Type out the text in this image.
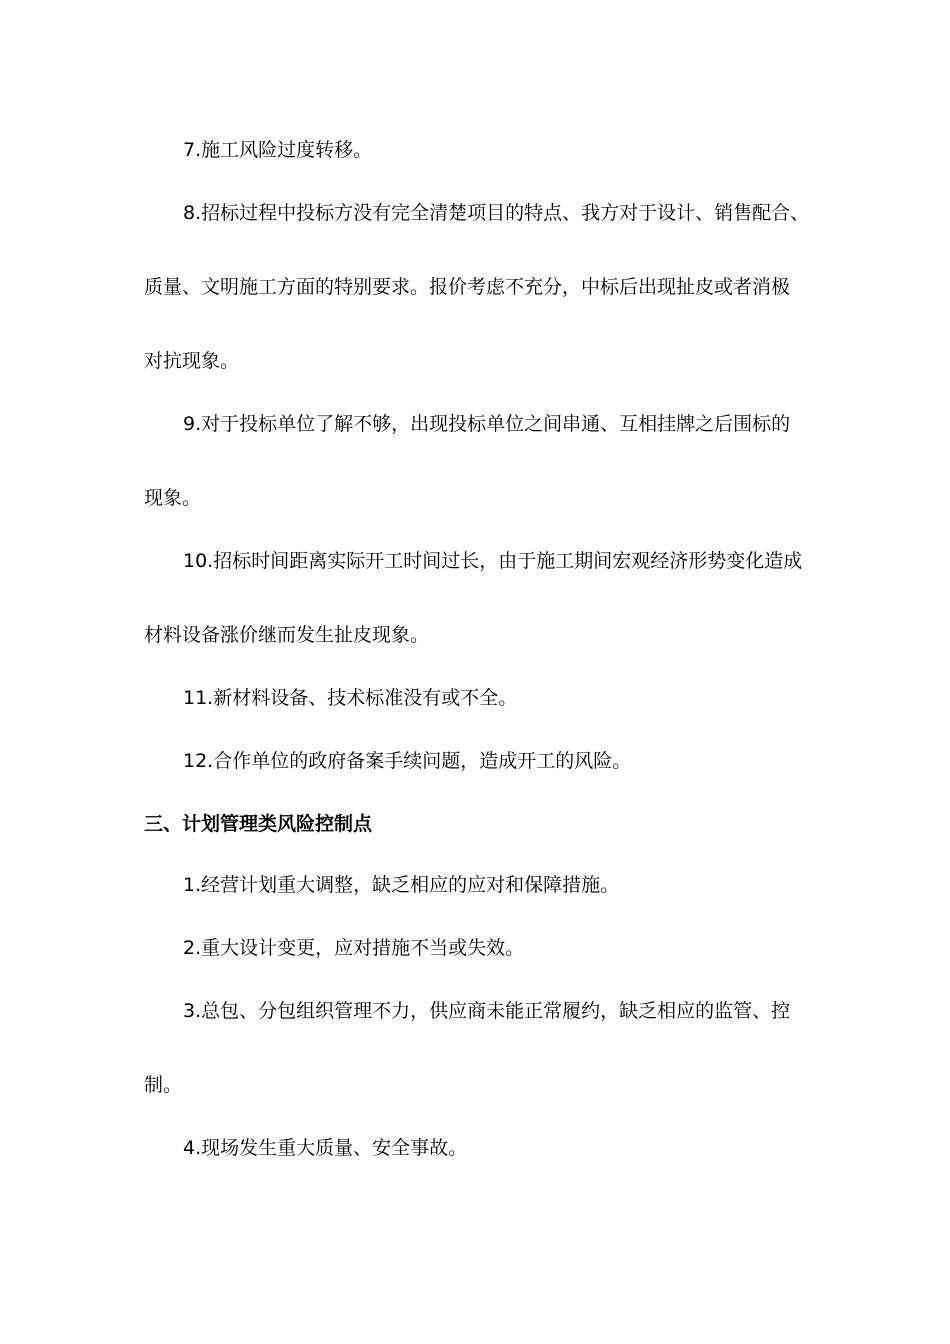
7.施工风险过度转移。
8.招标过程中投标方没有完全清楚项目的特点、我方对于设计、销售配合、
质量、文明施工方面的特别要求。报价考虑不充分，中标后出现扯皮或者消极
对抗现象。
9.对于投标单位了解不够，出现投标单位之间串通、互相挂牌之后围标的
现象。
10.招标时间距离实际开工时间过长，由于施工期间宏观经济形势变化造成
材料设备涨价继而发生扯皮现象。
11.新材料设备、技术标准没有或不全。
12.合作单位的政府备案手续问题，造成开工的风险。
三、计划管理类风险控制点
1.经营计划重大调整，缺乏相应的应对和保障措施。
2.重大设计变更，应对措施不当或失效。
3.总包、分包组织管理不力，供应商未能正常履约，缺乏相应的监管、控
制。
4.现场发生重大质量、安全事故。
